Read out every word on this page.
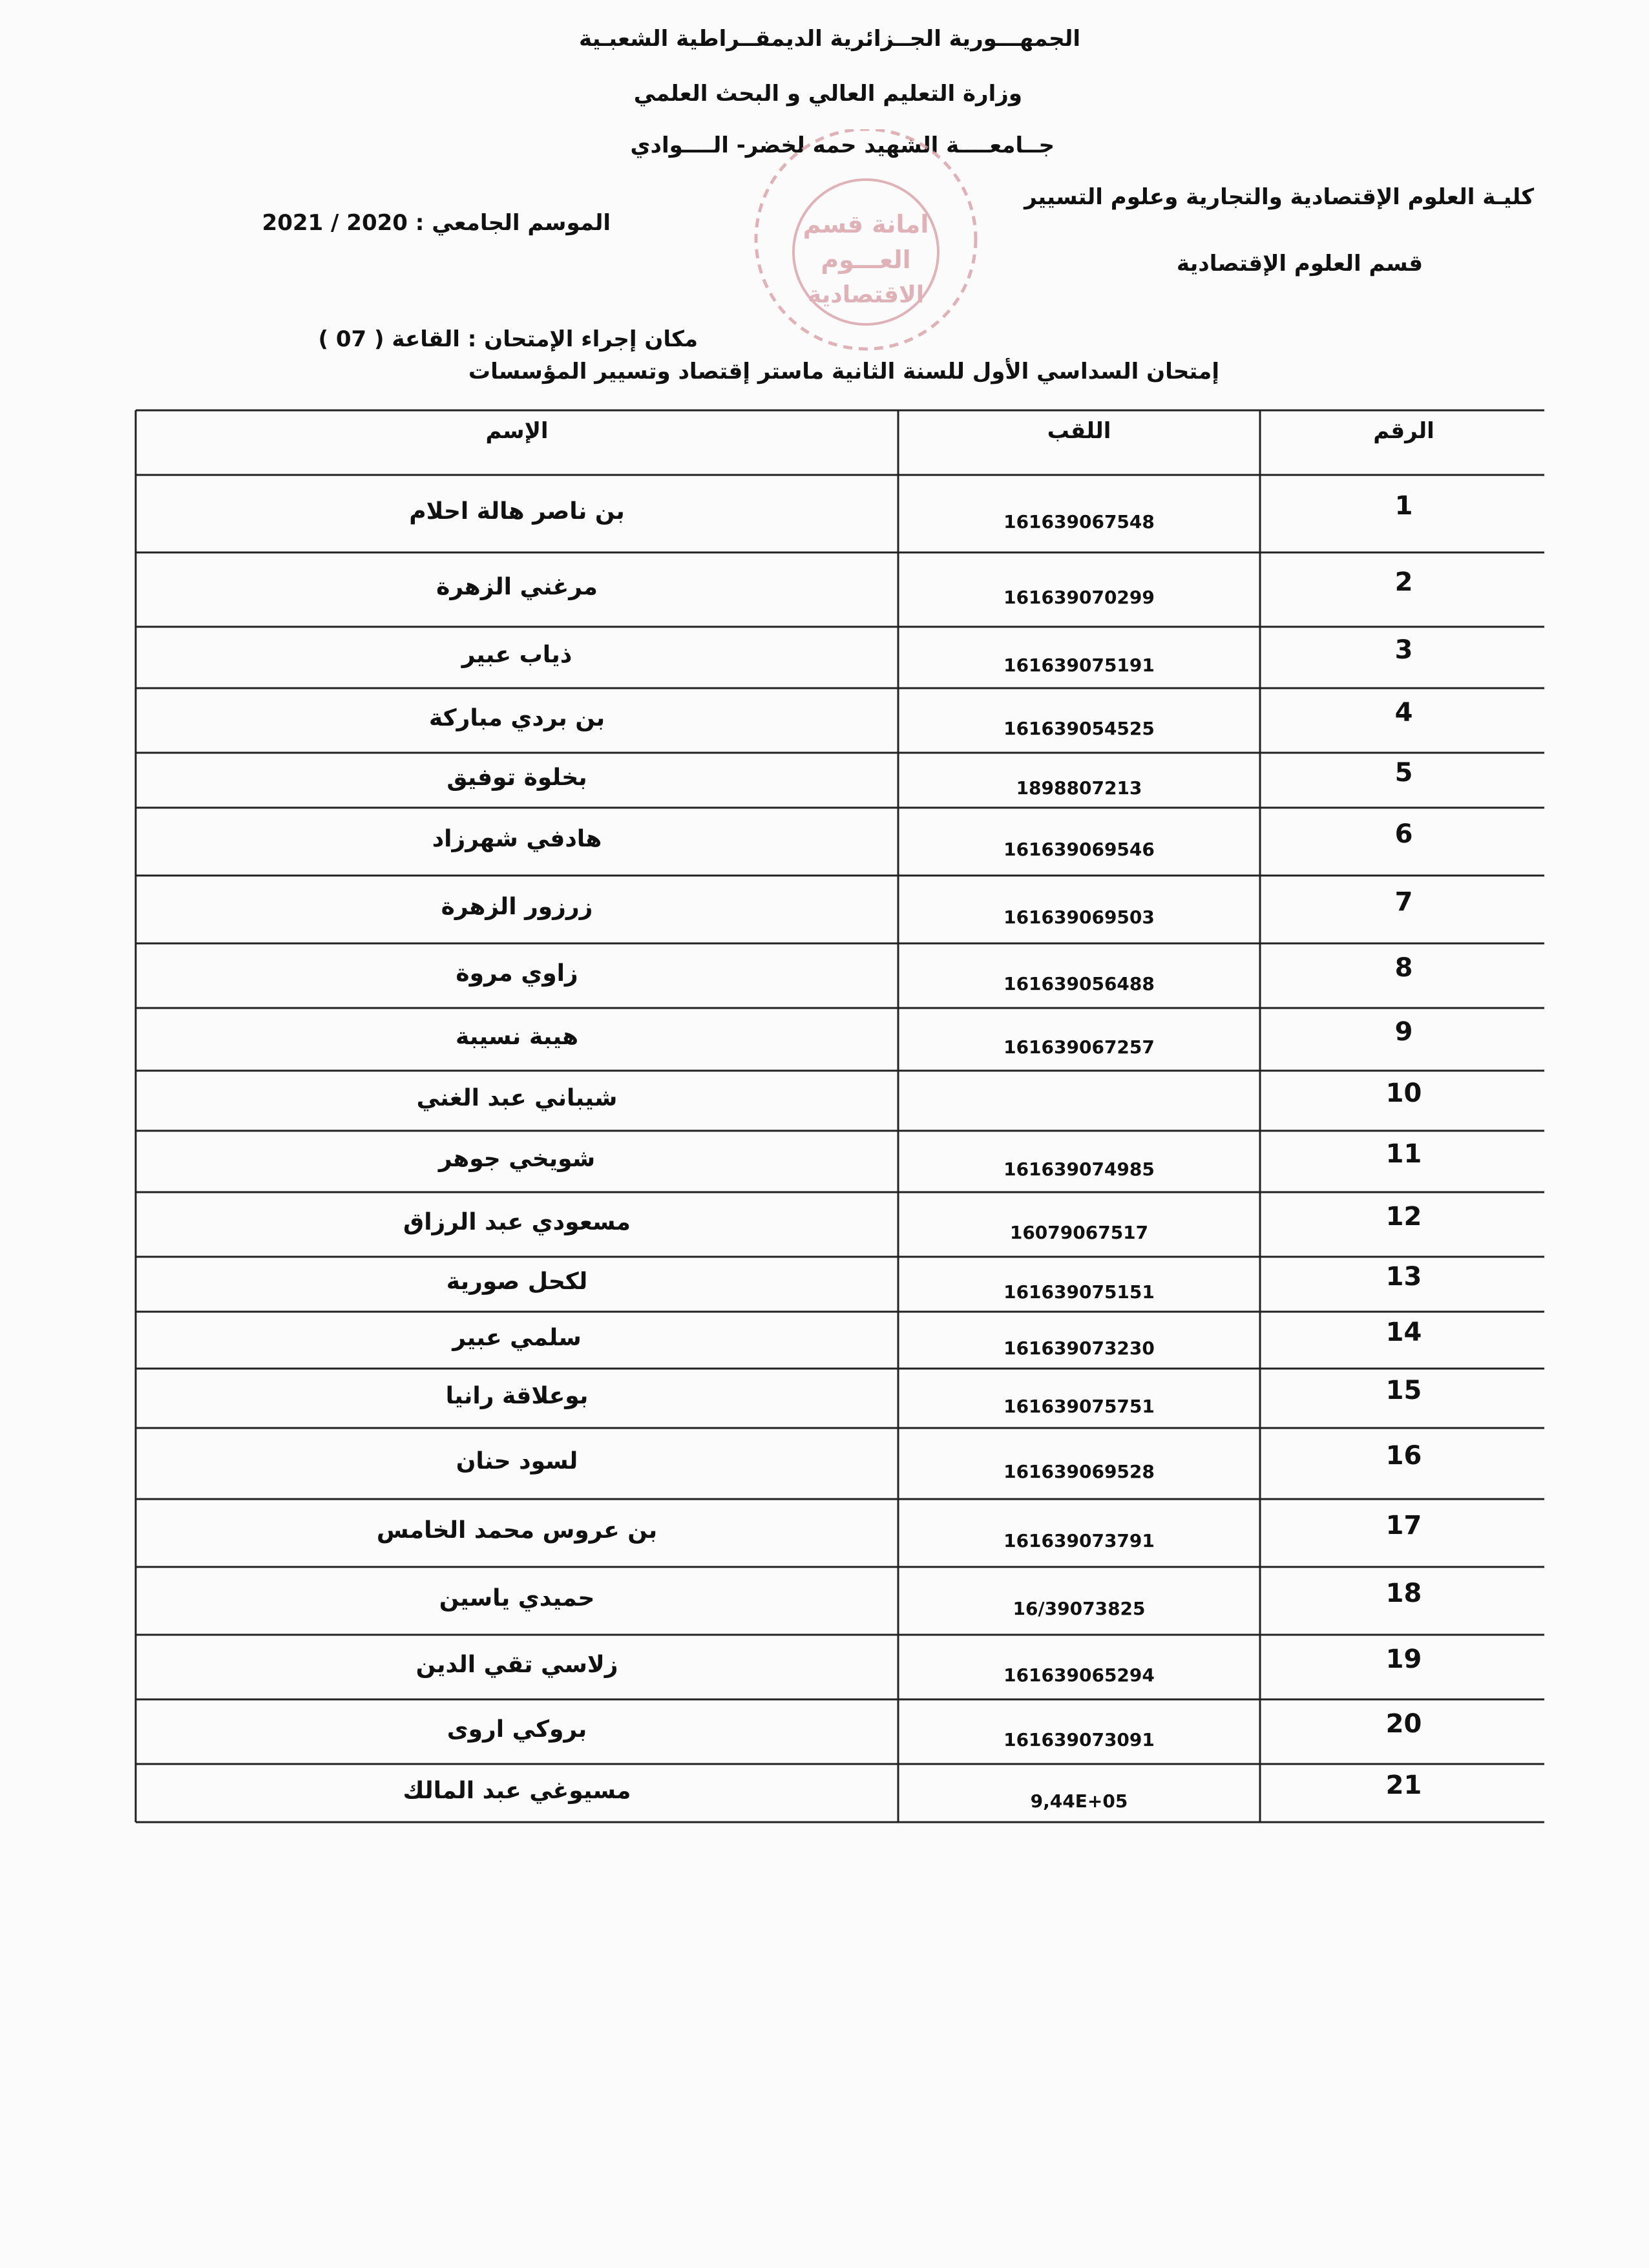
الجمهـــورية الجــزائرية الديمقــراطية الشعبـية
وزارة التعليم العالي و البحث العلمي
جــامعــــة الشهيد حمه لخضر- الــــوادي
كليـة العلوم الإقتصادية والتجارية وعلوم التسيير
قسم العلوم الإقتصادية
الموسم الجامعي : 2020 / 2021
مكان إجراء الإمتحان : القاعة ( 07 )
إمتحان السداسي الأول للسنة الثانية ماستر إقتصاد وتسيير المؤسسات
امانة قسم
العـــوم
الاقتصادية
الرقم
اللقب
الإسم
1
161639067548
بن ناصر هالة احلام
2
161639070299
مرغني الزهرة
3
161639075191
ذياب عبير
4
161639054525
بن بردي مباركة
5
1898807213
بخلوة توفيق
6
161639069546
هادفي شهرزاد
7
161639069503
زرزور الزهرة
8
161639056488
زاوي مروة
9
161639067257
هيبة نسيبة
10
شيباني عبد الغني
11
161639074985
شويخي جوهر
12
16079067517
مسعودي عبد الرزاق
13
161639075151
لكحل صورية
14
161639073230
سلمي عبير
15
161639075751
بوعلاقة رانيا
16
161639069528
لسود حنان
17
161639073791
بن عروس محمد الخامس
18
16/39073825
حميدي ياسين
19
161639065294
زلاسي تقي الدين
20
161639073091
بروكي اروى
21
9,44E+05
مسيوغي عبد المالك
